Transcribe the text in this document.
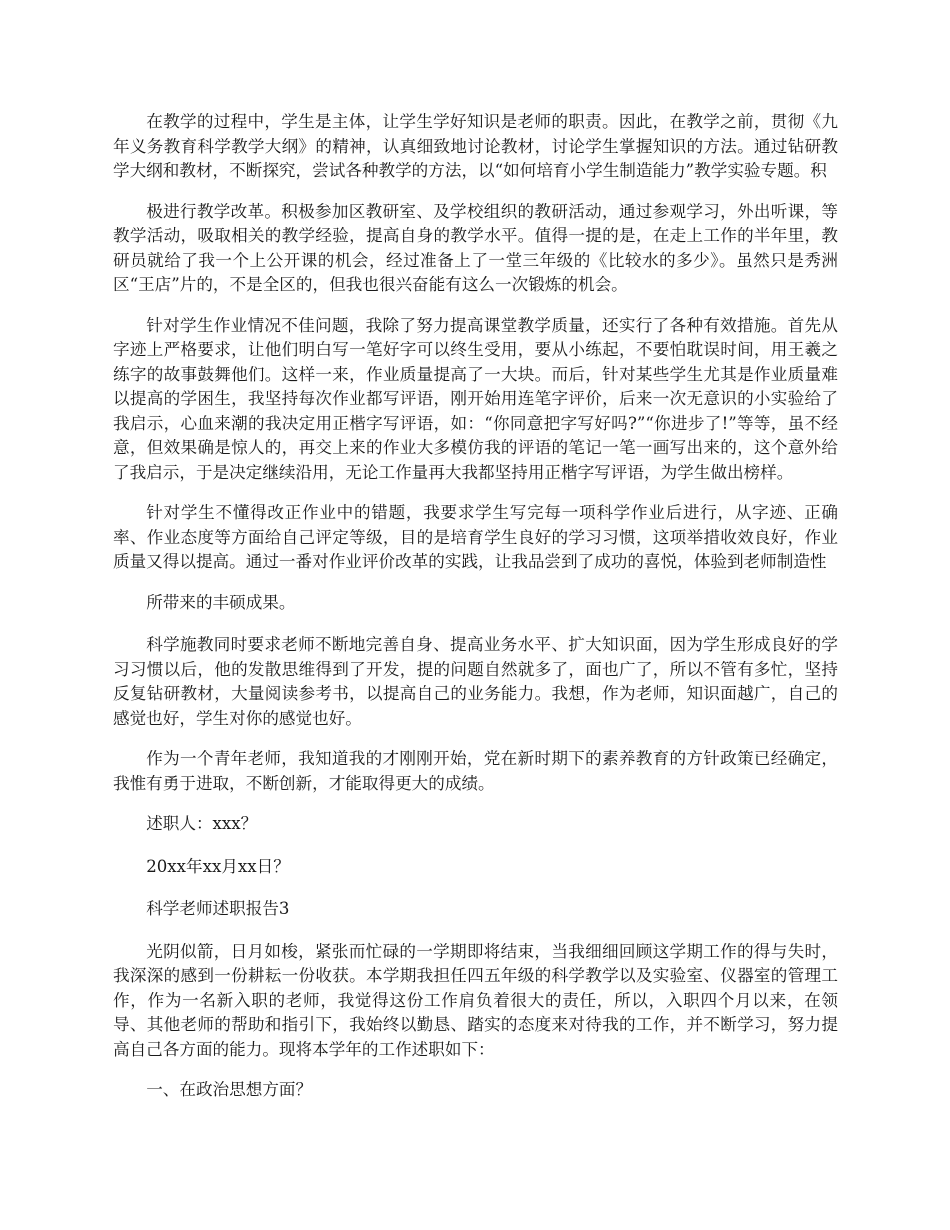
在教学的过程中，学生是主体，让学生学好知识是老师的职责。因此，在教学之前，贯彻《九年义务教育科学教学大纲》的精神，认真细致地讨论教材，讨论学生掌握知识的方法。通过钻研教学大纲和教材，不断探究，尝试各种教学的方法，以“如何培育小学生制造能力”教学实验专题。积

极进行教学改革。积极参加区教研室、及学校组织的教研活动，通过参观学习，外出听课，等教学活动，吸取相关的教学经验，提高自身的教学水平。值得一提的是，在走上工作的半年里，教研员就给了我一个上公开课的机会，经过准备上了一堂三年级的《比较水的多少》。虽然只是秀洲区“王店”片的，不是全区的，但我也很兴奋能有这么一次锻炼的机会。

针对学生作业情况不佳问题，我除了努力提高课堂教学质量，还实行了各种有效措施。首先从字迹上严格要求，让他们明白写一笔好字可以终生受用，要从小练起，不要怕耽误时间，用王羲之练字的故事鼓舞他们。这样一来，作业质量提高了一大块。而后，针对某些学生尤其是作业质量难以提高的学困生，我坚持每次作业都写评语，刚开始用连笔字评价，后来一次无意识的小实验给了我启示，心血来潮的我决定用正楷字写评语，如：“你同意把字写好吗?”“你进步了!”等等，虽不经意，但效果确是惊人的，再交上来的作业大多模仿我的评语的笔记一笔一画写出来的，这个意外给了我启示，于是决定继续沿用，无论工作量再大我都坚持用正楷字写评语，为学生做出榜样。

针对学生不懂得改正作业中的错题，我要求学生写完每一项科学作业后进行，从字迹、正确率、作业态度等方面给自己评定等级，目的是培育学生良好的学习习惯，这项举措收效良好，作业质量又得以提高。通过一番对作业评价改革的实践，让我品尝到了成功的喜悦，体验到老师制造性

所带来的丰硕成果。

科学施教同时要求老师不断地完善自身、提高业务水平、扩大知识面，因为学生形成良好的学习习惯以后，他的发散思维得到了开发，提的问题自然就多了，面也广了，所以不管有多忙，坚持反复钻研教材，大量阅读参考书，以提高自己的业务能力。我想，作为老师，知识面越广，自己的感觉也好，学生对你的感觉也好。

作为一个青年老师，我知道我的才刚刚开始，党在新时期下的素养教育的方针政策已经确定，我惟有勇于进取，不断创新，才能取得更大的成绩。

述职人：xxx？

20xx年xx月xx日？

科学老师述职报告3

光阴似箭，日月如梭，紧张而忙碌的一学期即将结束，当我细细回顾这学期工作的得与失时，我深深的感到一份耕耘一份收获。本学期我担任四五年级的科学教学以及实验室、仪器室的管理工作，作为一名新入职的老师，我觉得这份工作肩负着很大的责任，所以，入职四个月以来，在领导、其他老师的帮助和指引下，我始终以勤恳、踏实的态度来对待我的工作，并不断学习，努力提高自己各方面的能力。现将本学年的工作述职如下：

一、在政治思想方面？
